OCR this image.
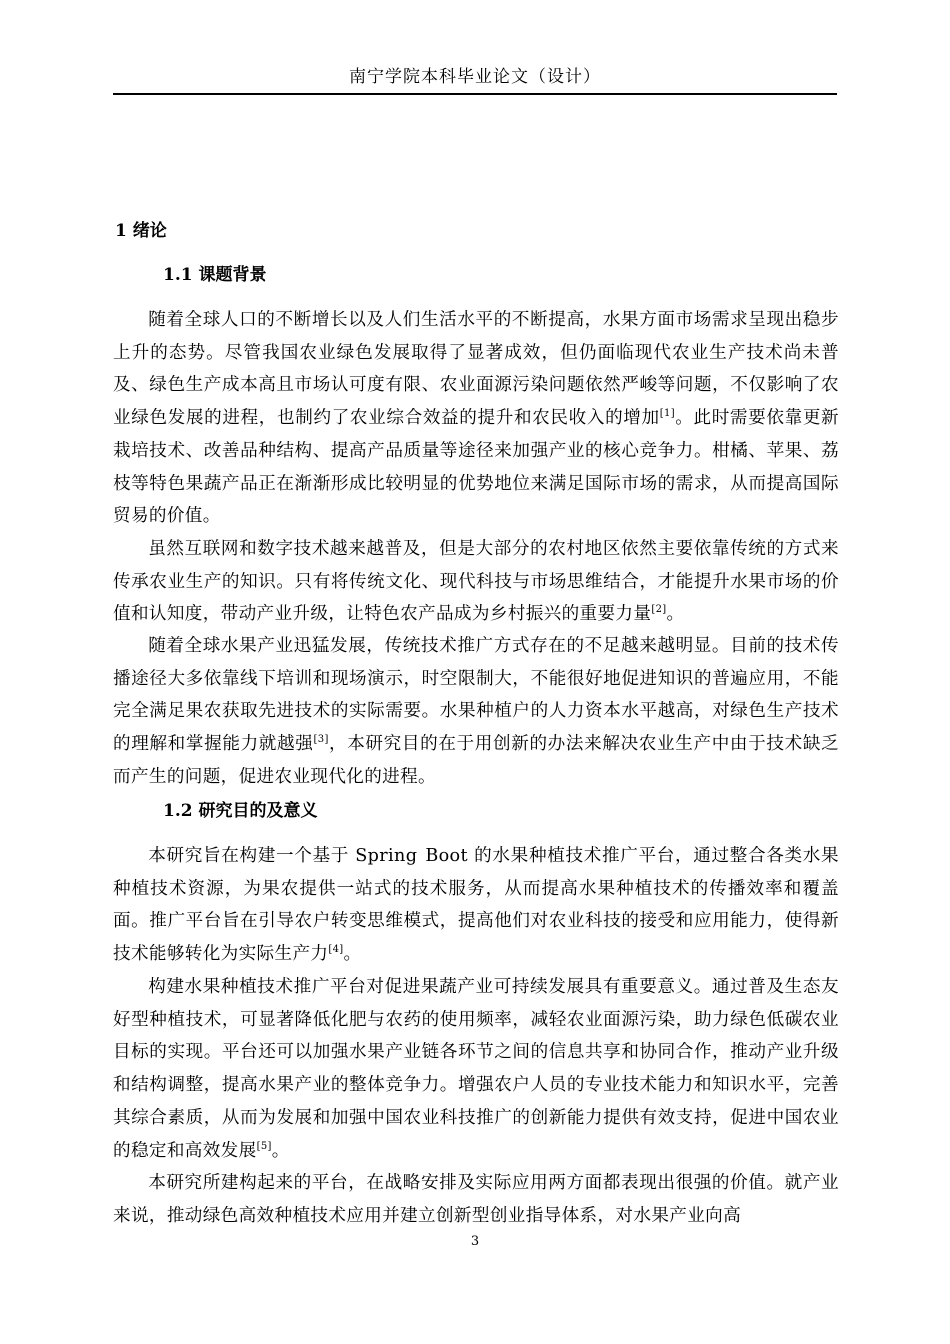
南宁学院本科毕业论文（设计）
1 绪论
1.1 课题背景

随着全球人口的不断增长以及人们生活水平的不断提高，水果方面市场需求呈现出稳步上升的态势。尽管我国农业绿色发展取得了显著成效，但仍面临现代农业生产技术尚未普及、绿色生产成本高且市场认可度有限、农业面源污染问题依然严峻等问题，不仅影响了农业绿色发展的进程，也制约了农业综合效益的提升和农民收入的增加[1]。此时需要依靠更新栽培技术、改善品种结构、提高产品质量等途径来加强产业的核心竞争力。柑橘、苹果、荔枝等特色果蔬产品正在渐渐形成比较明显的优势地位来满足国际市场的需求，从而提高国际贸易的价值。

虽然互联网和数字技术越来越普及，但是大部分的农村地区依然主要依靠传统的方式来传承农业生产的知识。只有将传统文化、现代科技与市场思维结合，才能提升水果市场的价值和认知度，带动产业升级，让特色农产品成为乡村振兴的重要力量[2]。

随着全球水果产业迅猛发展，传统技术推广方式存在的不足越来越明显。目前的技术传播途径大多依靠线下培训和现场演示，时空限制大，不能很好地促进知识的普遍应用，不能完全满足果农获取先进技术的实际需要。水果种植户的人力资本水平越高，对绿色生产技术的理解和掌握能力就越强[3]，本研究目的在于用创新的办法来解决农业生产中由于技术缺乏而产生的问题，促进农业现代化的进程。

1.2 研究目的及意义

本研究旨在构建一个基于 Spring Boot 的水果种植技术推广平台，通过整合各类水果种植技术资源，为果农提供一站式的技术服务，从而提高水果种植技术的传播效率和覆盖面。推广平台旨在引导农户转变思维模式，提高他们对农业科技的接受和应用能力，使得新技术能够转化为实际生产力[4]。

构建水果种植技术推广平台对促进果蔬产业可持续发展具有重要意义。通过普及生态友好型种植技术，可显著降低化肥与农药的使用频率，减轻农业面源污染，助力绿色低碳农业目标的实现。平台还可以加强水果产业链各环节之间的信息共享和协同合作，推动产业升级和结构调整，提高水果产业的整体竞争力。增强农户人员的专业技术能力和知识水平，完善其综合素质，从而为发展和加强中国农业科技推广的创新能力提供有效支持，促进中国农业的稳定和高效发展[5]。

本研究所建构起来的平台，在战略安排及实际应用两方面都表现出很强的价值。就产业来说，推动绿色高效种植技术应用并建立创新型创业指导体系，对水果产业向高

3
